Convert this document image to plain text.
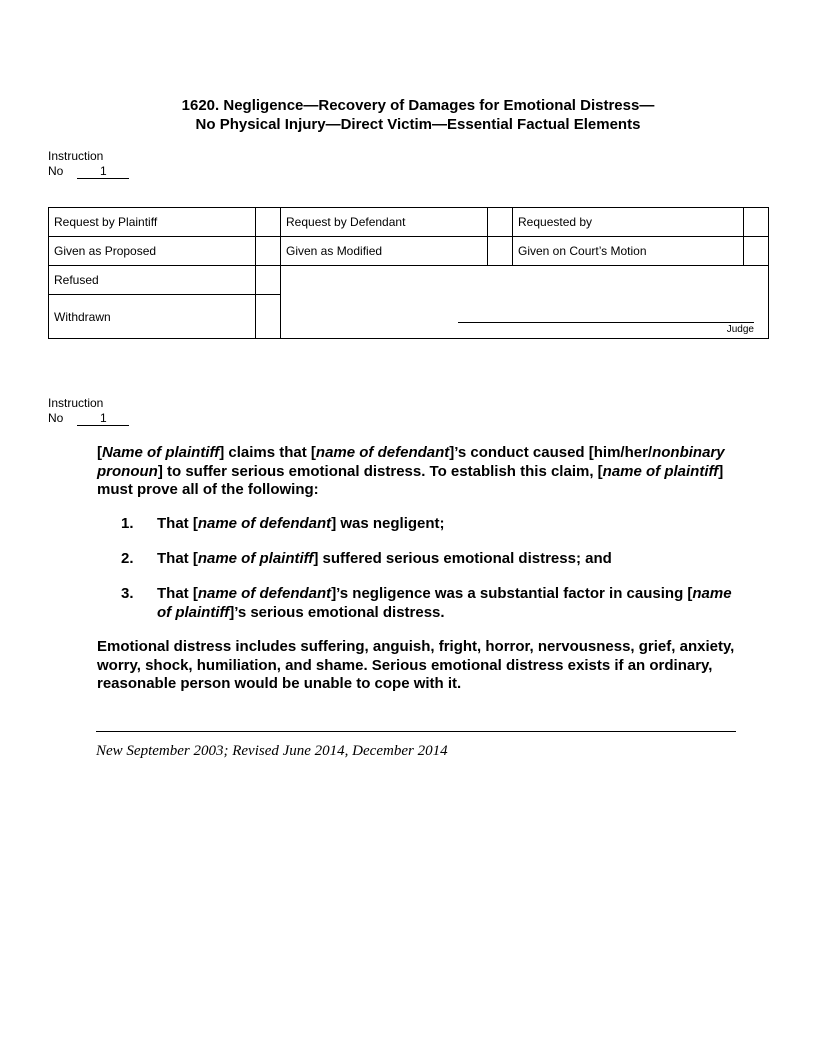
1620. Negligence—Recovery of Damages for Emotional Distress—
No Physical Injury—Direct Victim—Essential Factual Elements
Instruction
No	1
Request by Plaintiff		Request by Defendant		Requested by	
Given as Proposed		Given as Modified		Given on Court’s Motion	
Refused		Judge			

Withdrawn					
Instruction
No	1
[Name of plaintiff] claims that [name of defendant]’s conduct caused [him/her/nonbinary pronoun] to suffer serious emotional distress. To establish this claim, [name of plaintiff] must prove all of the following:
1. That [name of defendant] was negligent;
2. That [name of plaintiff] suffered serious emotional distress; and
3. That [name of defendant]’s negligence was a substantial factor in causing [name of plaintiff]’s serious emotional distress.
Emotional distress includes suffering, anguish, fright, horror, nervousness, grief, anxiety, worry, shock, humiliation, and shame. Serious emotional distress exists if an ordinary, reasonable person would be unable to cope with it.
New September 2003; Revised June 2014, December 2014
